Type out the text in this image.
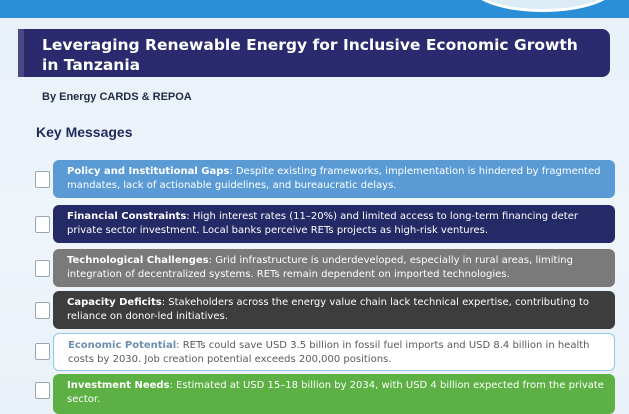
Leveraging Renewable Energy for Inclusive Economic Growth in Tanzania
By Energy CARDS & REPOA
Key Messages
Policy and Institutional Gaps: Despite existing frameworks, implementation is hindered by fragmented mandates, lack of actionable guidelines, and bureaucratic delays.
Financial Constraints: High interest rates (11–20%) and limited access to long-term financing deter private sector investment. Local banks perceive RETs projects as high-risk ventures.
Technological Challenges: Grid infrastructure is underdeveloped, especially in rural areas, limiting integration of decentralized systems. RETs remain dependent on imported technologies.
Capacity Deficits: Stakeholders across the energy value chain lack technical expertise, contributing to reliance on donor-led initiatives.
Economic Potential: RETs could save USD 3.5 billion in fossil fuel imports and USD 8.4 billion in health costs by 2030. Job creation potential exceeds 200,000 positions.
Investment Needs: Estimated at USD 15–18 billion by 2034, with USD 4 billion expected from the private sector.
